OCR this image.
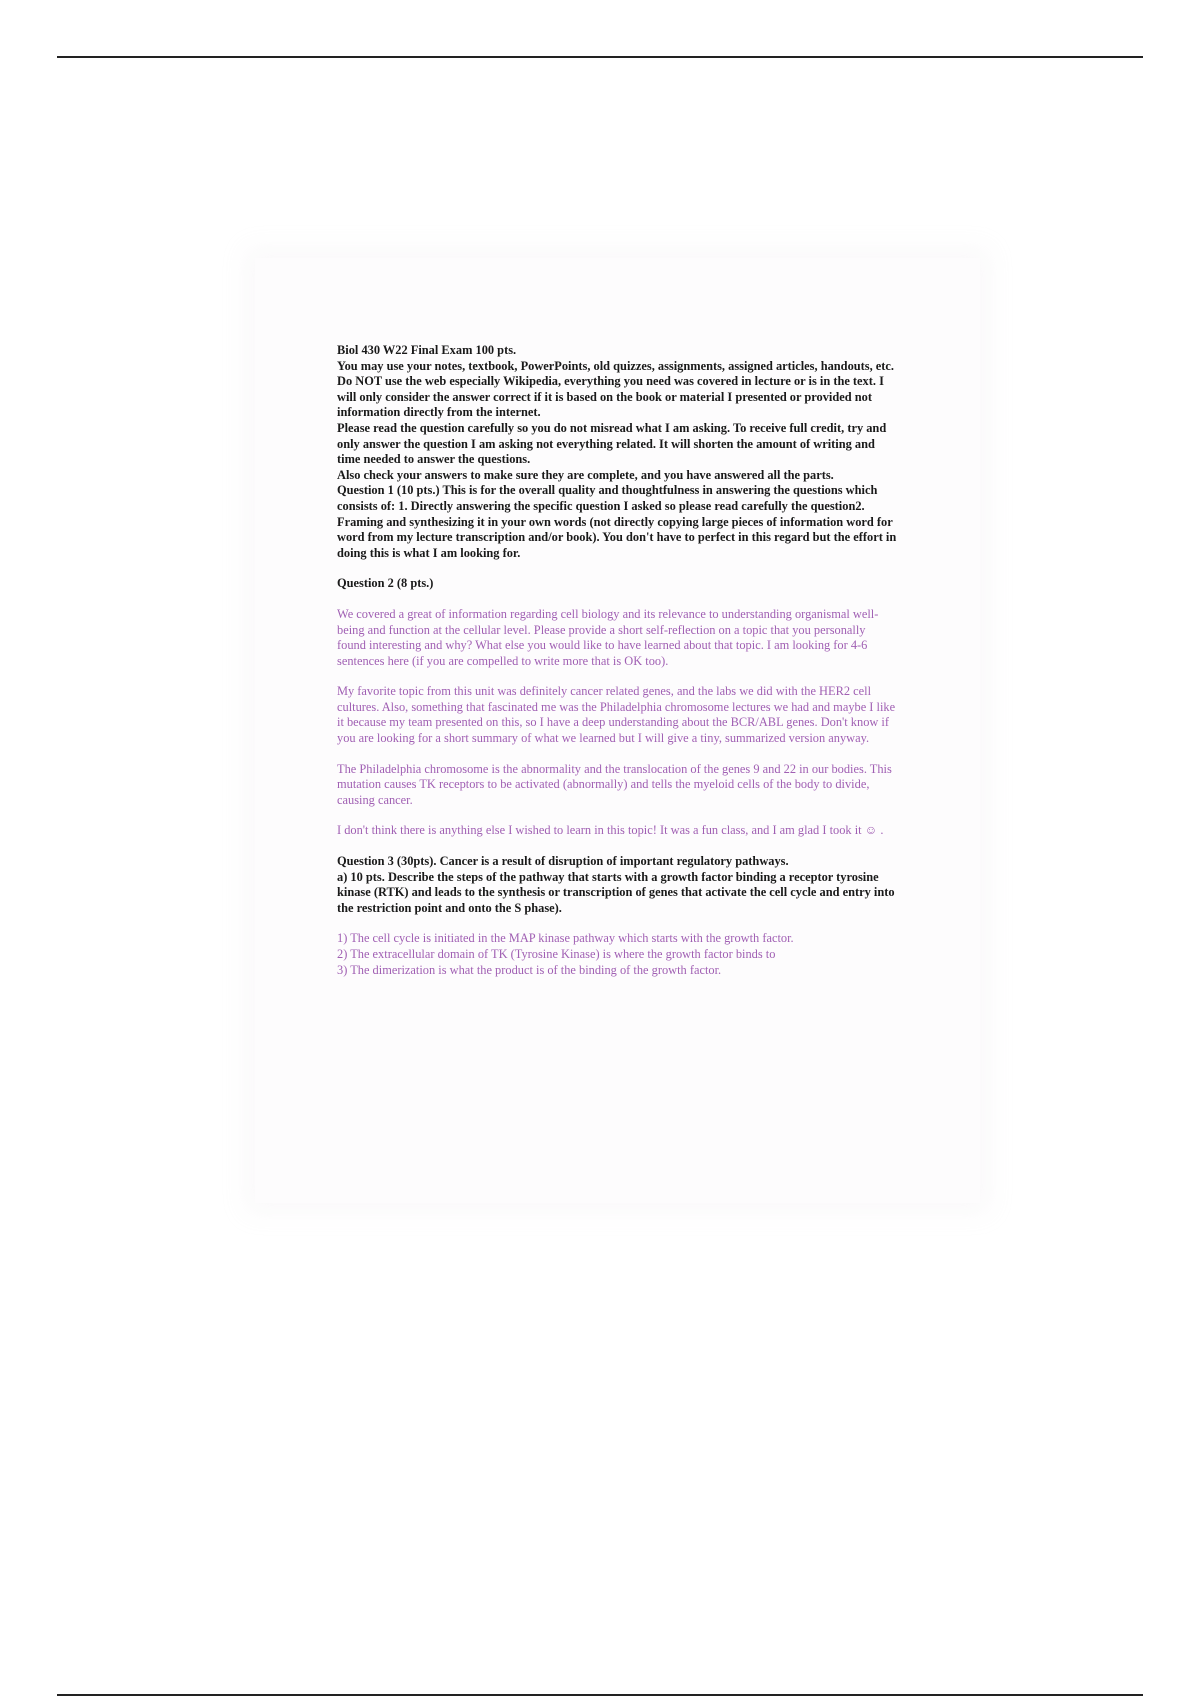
Biol 430 W22 Final Exam 100 pts.

You may use your notes, textbook, PowerPoints, old quizzes, assignments, assigned articles, handouts, etc. Do NOT use the web especially Wikipedia, everything you need was covered in lecture or is in the text. I will only consider the answer correct if it is based on the book or material I presented or provided not information directly from the internet.

Please read the question carefully so you do not misread what I am asking. To receive full credit, try and only answer the question I am asking not everything related. It will shorten the amount of writing and time needed to answer the questions.

Also check your answers to make sure they are complete, and you have answered all the parts.

Question 1 (10 pts.) This is for the overall quality and thoughtfulness in answering the questions which consists of: 1. Directly answering the specific question I asked so please read carefully the question2. Framing and synthesizing it in your own words (not directly copying large pieces of information word for word from my lecture transcription and/or book). You don't have to perfect in this regard but the effort in doing this is what I am looking for.

Question 2 (8 pts.)

We covered a great of information regarding cell biology and its relevance to understanding organismal well-being and function at the cellular level. Please provide a short self-reflection on a topic that you personally found interesting and why? What else you would like to have learned about that topic. I am looking for 4-6 sentences here (if you are compelled to write more that is OK too).

My favorite topic from this unit was definitely cancer related genes, and the labs we did with the HER2 cell cultures. Also, something that fascinated me was the Philadelphia chromosome lectures we had and maybe I like it because my team presented on this, so I have a deep understanding about the BCR/ABL genes. Don't know if you are looking for a short summary of what we learned but I will give a tiny, summarized version anyway.

The Philadelphia chromosome is the abnormality and the translocation of the genes 9 and 22 in our bodies. This mutation causes TK receptors to be activated (abnormally) and tells the myeloid cells of the body to divide, causing cancer.

I don't think there is anything else I wished to learn in this topic! It was a fun class, and I am glad I took it ☺ .

Question 3 (30pts). Cancer is a result of disruption of important regulatory pathways.

a) 10 pts. Describe the steps of the pathway that starts with a growth factor binding a receptor tyrosine kinase (RTK) and leads to the synthesis or transcription of genes that activate the cell cycle and entry into the restriction point and onto the S phase).

1) The cell cycle is initiated in the MAP kinase pathway which starts with the growth factor.

2) The extracellular domain of TK (Tyrosine Kinase) is where the growth factor binds to

3) The dimerization is what the product is of the binding of the growth factor.
